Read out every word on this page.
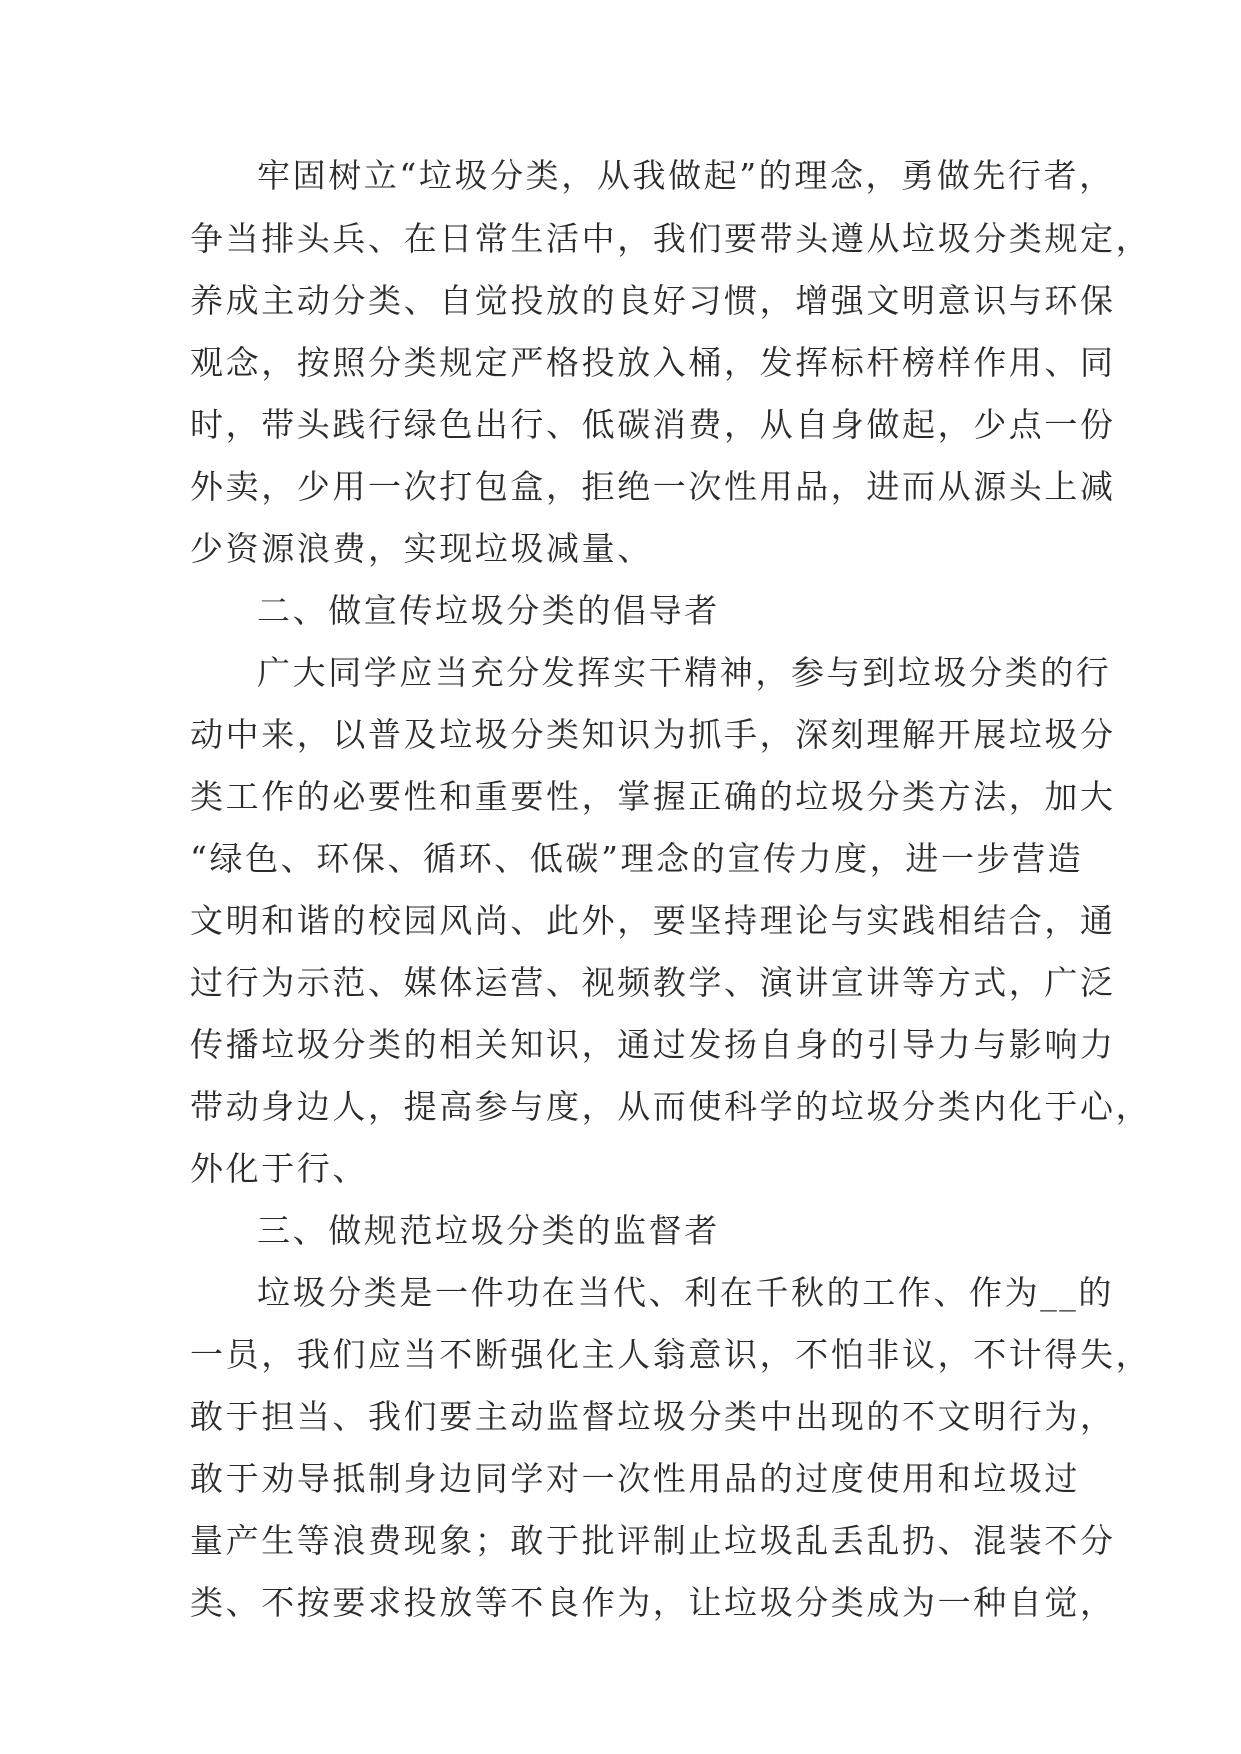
牢固树立“垃圾分类，从我做起”的理念，勇做先行者，
争当排头兵、在日常生活中，我们要带头遵从垃圾分类规定，
养成主动分类、自觉投放的良好习惯，增强文明意识与环保
观念，按照分类规定严格投放入桶，发挥标杆榜样作用、同
时，带头践行绿色出行、低碳消费，从自身做起，少点一份
外卖，少用一次打包盒，拒绝一次性用品，进而从源头上减
少资源浪费，实现垃圾减量、
二、做宣传垃圾分类的倡导者
广大同学应当充分发挥实干精神，参与到垃圾分类的行
动中来，以普及垃圾分类知识为抓手，深刻理解开展垃圾分
类工作的必要性和重要性，掌握正确的垃圾分类方法，加大
“绿色、环保、循环、低碳”理念的宣传力度，进一步营造
文明和谐的校园风尚、此外，要坚持理论与实践相结合，通
过行为示范、媒体运营、视频教学、演讲宣讲等方式，广泛
传播垃圾分类的相关知识，通过发扬自身的引导力与影响力
带动身边人，提高参与度，从而使科学的垃圾分类内化于心，
外化于行、
三、做规范垃圾分类的监督者
垃圾分类是一件功在当代、利在千秋的工作、作为__的
一员，我们应当不断强化主人翁意识，不怕非议，不计得失，
敢于担当、我们要主动监督垃圾分类中出现的不文明行为，
敢于劝导抵制身边同学对一次性用品的过度使用和垃圾过
量产生等浪费现象；敢于批评制止垃圾乱丢乱扔、混装不分
类、不按要求投放等不良作为，让垃圾分类成为一种自觉，
